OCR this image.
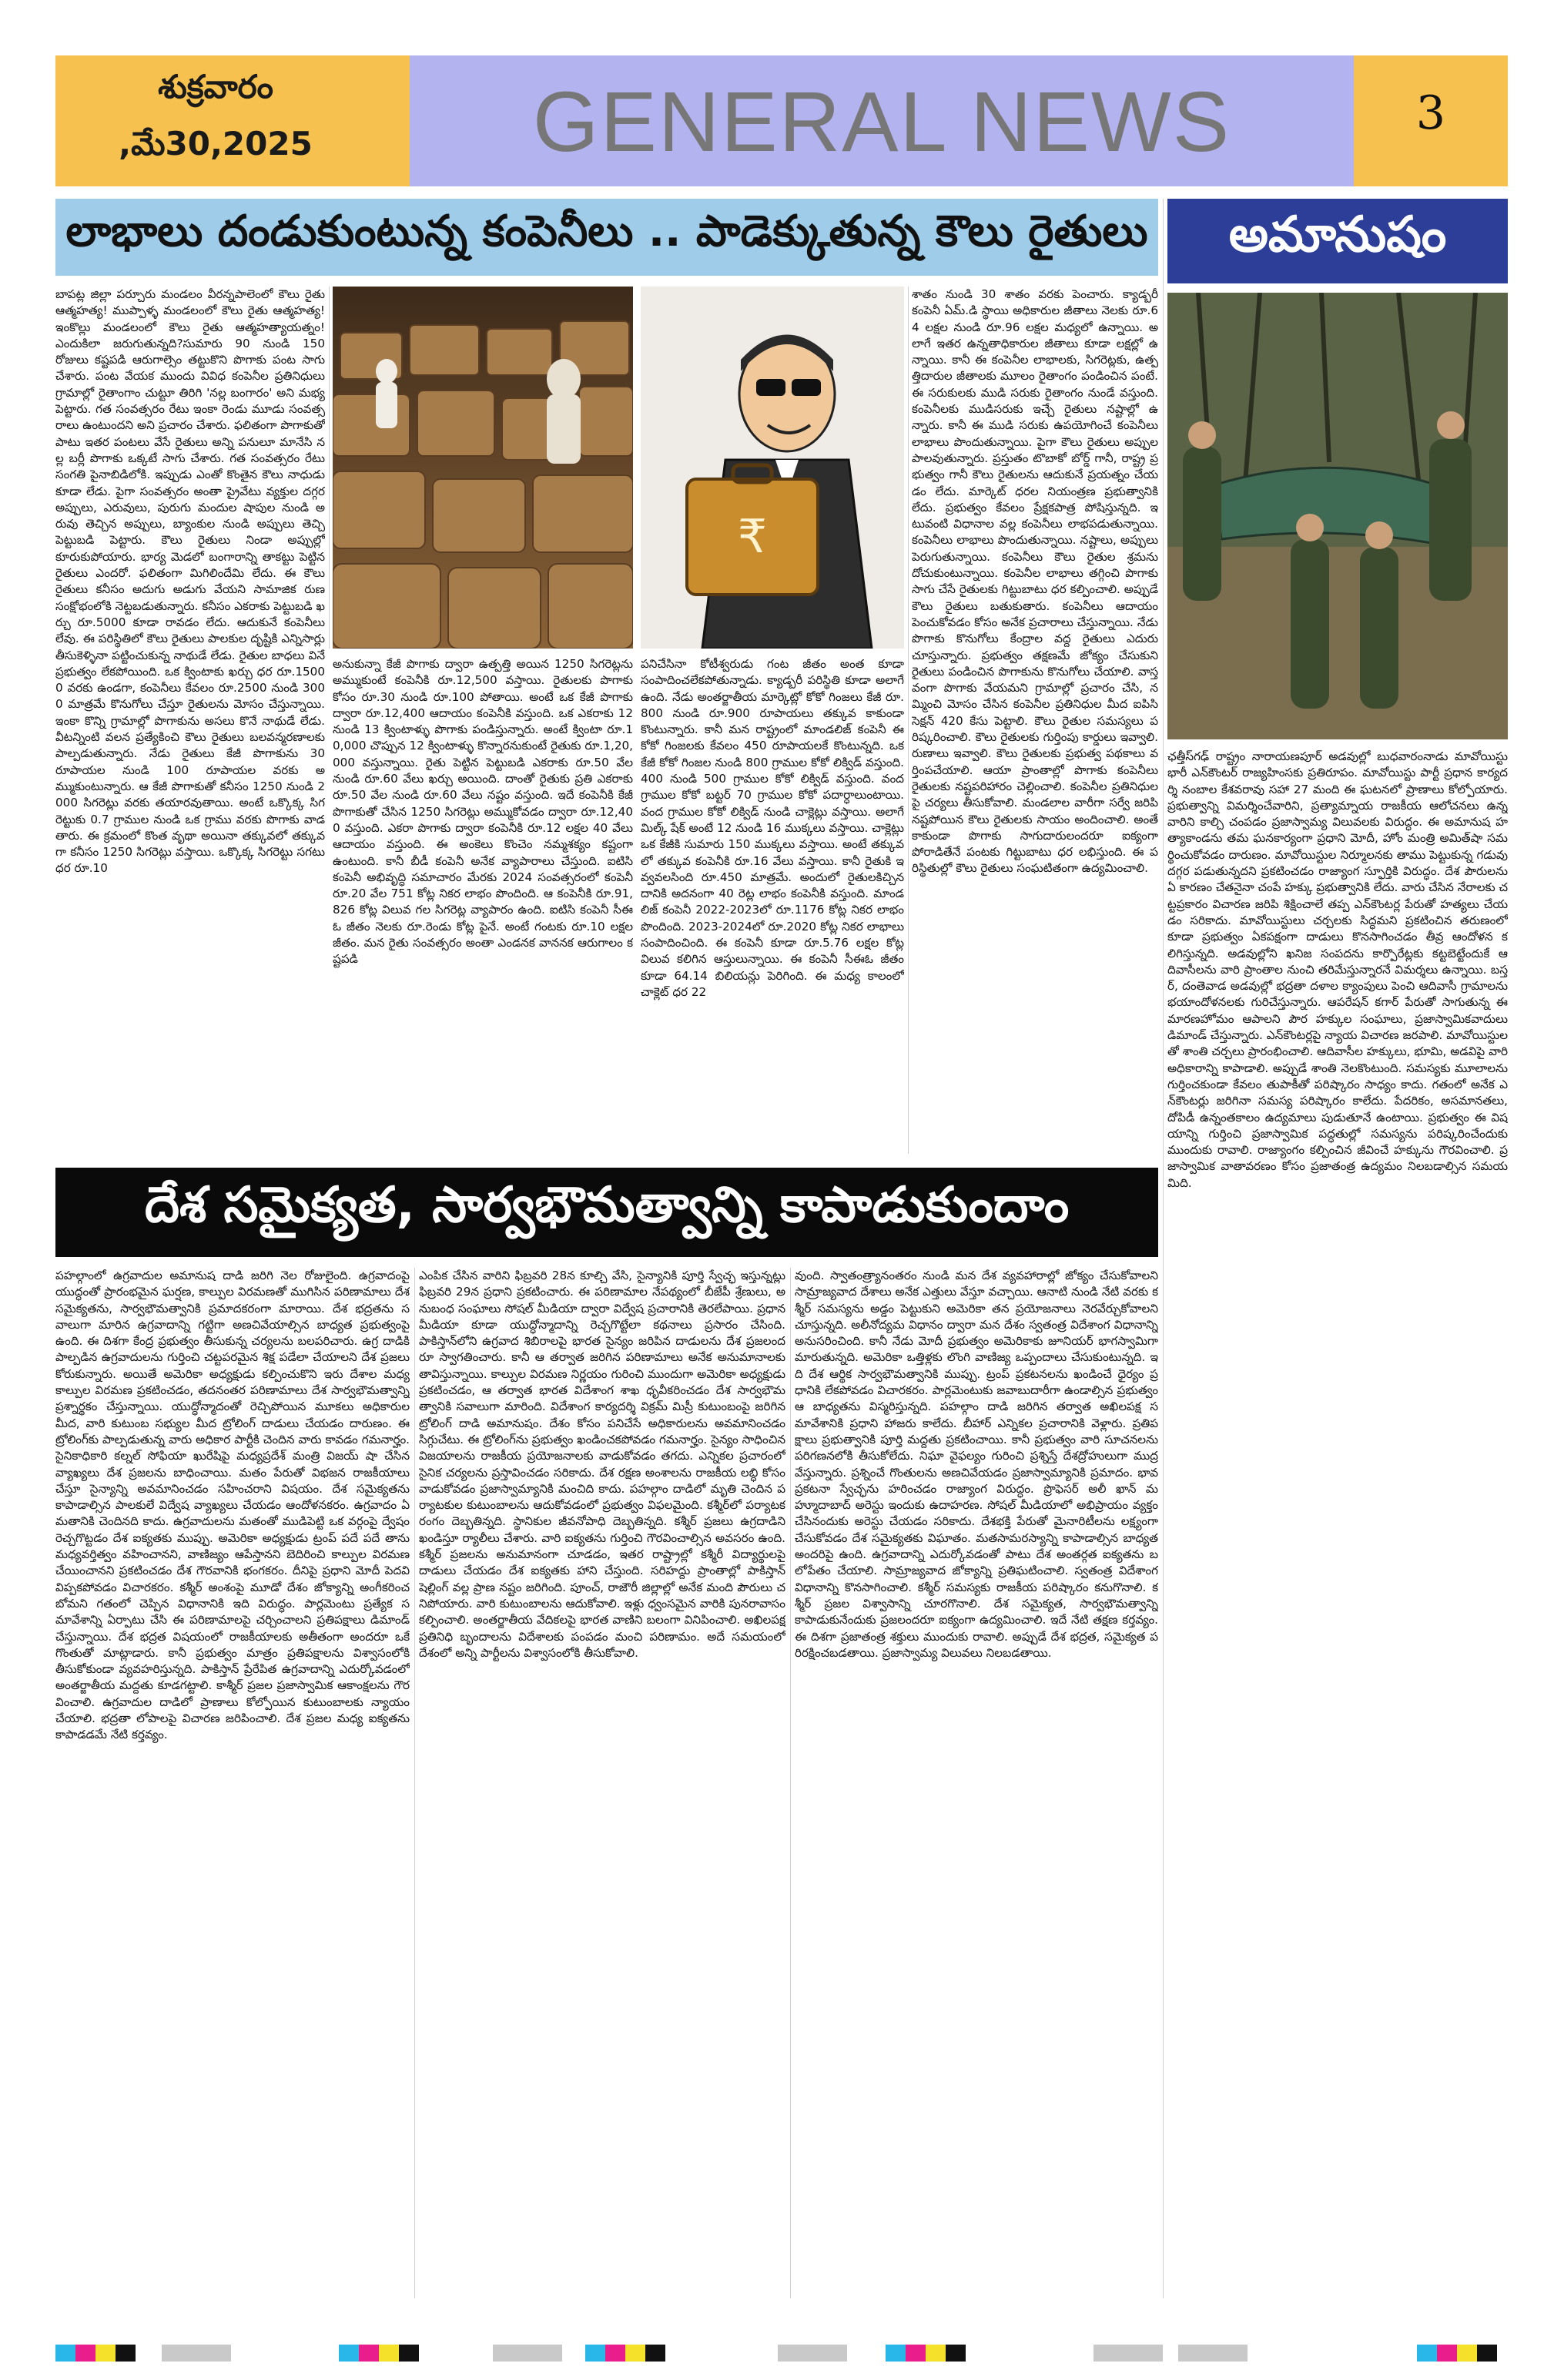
శుక్రవారం
,మే30,2025	GENERAL NEWS	3
లాభాలు దండుకుంటున్న కంపెనీలు .. పాడెక్కుతున్న కౌలు రైతులు	అమానుషం
బాపట్ల జిల్లా పర్చూరు మండలం వీరన్నపాలెంలో కౌలు రైతు ఆత్మహత్య! ముప్పాళ్ళ మండలంలో కౌలు రైతు ఆత్మహత్య! ఇంకొల్లు మండలంలో కౌలు రైతు ఆత్మహత్యాయత్నం! ఎందుకిలా జరుగుతున్నది?సుమారు 90 నుండి 150 రోజులు కష్టపడి ఆరుగాల్సెం తట్టుకొని పొగాకు పంట సాగు చేశారు. పంట వేయక ముందు వివిధ కంపెనీల ప్రతినిధులు గ్రామాల్లో రైతాంగాం చుట్టూ తిరిగి 'నల్ల బంగారం' అని మభ్యపెట్టారు. గత సంవత్సరం రేటు ఇంకా రెండు మూడు సంవత్సరాలు ఉంటుందని అని ప్రచారం చేశారు. ఫలితంగా పొగాకుతో పాటు ఇతర పంటలు వేసే రైతులు అన్ని పనులూ మానేసి నల్ల బర్లీ పొగాకు ఒక్కటే సాగు చేశారు. గత సంవత్సరం రేటు సంగతి పైనాబిడిలోకి. ఇప్పుడు ఎంతో కొంతైన కౌలు నాధుడు కూడా లేడు. పైగా సంవత్సరం అంతా ప్రైవేటు వ్యక్తుల దగ్గర అప్పులు, ఎరువులు, పురుగు మందుల షాపుల నుండి అరువు తెచ్చిన అప్పులు, బ్యాంకుల నుండి అప్పులు తెచ్చి పెట్టుబడి పెట్టారు. కౌలు రైతులు నిండా అప్పుల్లో కూరుకుపోయారు. భార్య మెడలో బంగారాన్ని తాకట్టు పెట్టిన రైతులు ఎందరో. ఫలితంగా మిగిలిందేమి లేదు. ఈ కౌలు రైతులు కనీసం అదుగు అడుగు వేయని సామాజిక రుణ సంక్షోభంలోకి నెట్టబడుతున్నారు. కనీసం ఎకరాకు పెట్టుబడి ఖర్చు రూ.5000 కూడా రావడం లేదు. ఆదుకునే కంపెనీలు లేవు. ఈ పరిస్థితిలో కౌలు రైతులు పాలకుల దృష్టికి ఎన్నిసార్లు తీసుకెళ్ళినా పట్టించుకున్న నాథుడే లేడు. రైతుల బాధలు వినే ప్రభుత్వం లేకపోయింది. ఒక క్వింటాకు ఖర్చు ధర రూ.15000 వరకు ఉండగా, కంపెనీలు కేవలం రూ.2500 నుండి 3000 మాత్రమే కొనుగోలు చేస్తూ రైతులను మోసం చేస్తున్నాయి. ఇంకా కొన్ని గ్రామాల్లో పొగాకును అసలు కొనే నాథుడే లేడు. వీటన్నింటి వలన ప్రత్యేకించి కౌలు రైతులు బలవన్మరణాలకు పాల్పడుతున్నారు. నేడు రైతులు కేజీ పొగాకును 30 రూపాయల నుండి 100 రూపాయల వరకు అమ్ముకుంటున్నారు. ఆ కేజీ పొగాకుతో కనీసం 1250 నుండి 2000 సిగరెట్లు వరకు తయారవుతాయి. అంటే ఒక్కొక్క సిగరెట్టుకు 0.7 గ్రాముల నుండి ఒక గ్రాము వరకు పొగాకు వాడతారు. ఈ క్రమంలో కొంత వృథా అయినా తక్కువలో తక్కువగా కనీసం 1250 సిగరెట్లు వస్తాయి. ఒక్కొక్క సిగరెట్టు సగటు ధర రూ.10
₹
అనుకున్నా కేజీ పొగాకు ద్వారా ఉత్పత్తి అయిన 1250 సిగరెట్లను అమ్ముకుంటే కంపెనీకి రూ.12,500 వస్తాయి. రైతులకు పొగాకు కోసం రూ.30 నుండి రూ.100 పోతాయి. అంటే ఒక కేజీ పొగాకు ద్వారా రూ.12,400 ఆదాయం కంపెనీకి వస్తుంది. ఒక ఎకరాకు 12 నుండి 13 క్వింటాళ్ళు పొగాకు పండిస్తున్నారు. అంటే క్వింటా రూ.10,000 చొప్పున 12 క్వింటాళ్ళు కొన్నారనుకుంటే రైతుకు రూ.1,20,000 వస్తున్నాయి. రైతు పెట్టిన పెట్టుబడి ఎకరాకు రూ.50 వేల నుండి రూ.60 వేలు ఖర్చు అయింది. దాంతో రైతుకు ప్రతి ఎకరాకు రూ.50 వేల నుండి రూ.60 వేలు నష్టం వస్తుంది. ఇదే కంపెనీకి కేజీ పొగాకుతో చేసిన 1250 సిగరెట్లు అమ్ముకోవడం ద్వారా రూ.12,400 వస్తుంది. ఎకరా పొగాకు ద్వారా కంపెనీకి రూ.12 లక్షల 40 వేలు ఆదాయం వస్తుంది. ఈ అంకెలు కొంచెం నమ్మశక్యం కష్టంగా ఉంటుంది. కానీ బీడీ కంపెనీ అనేక వ్యాపారాలు చేస్తుంది. ఐటిసి కంపెనీ అభివృద్ధి సమాచారం మేరకు 2024 సంవత్సరంలో కంపెనీ రూ.20 వేల 751 కోట్ల నికర లాభం పొందింది. ఆ కంపెనీకి రూ.91,826 కోట్ల విలువ గల సిగరెట్ల వ్యాపారం ఉంది. ఐటిసి కంపెనీ సీఈఓ జీతం నెలకు రూ.రెండు కోట్ల పైనే. అంటే గంటకు రూ.10 లక్షల జీతం. మన రైతు సంవత్సరం అంతా ఎండనక వాననక ఆరుగాలం కష్టపడి
పనిచేసినా కోటీశ్వరుడు గంట జీతం అంత కూడా సంపాదించలేకపోతున్నాడు. క్యాడ్బరీ పరిస్థితి కూడా అలాగే ఉంది. నేడు అంతర్జాతీయ మార్కెట్లో కోకో గింజలు కేజీ రూ.800 నుండి రూ.900 రూపాయలు తక్కువ కాకుండా కొంటున్నారు. కానీ మన రాష్ట్రంలో మాండలిజ్ కంపెనీ ఈ కోకో గింజలకు కేవలం 450 రూపాయలకే కొంటున్నది. ఒక కేజీ కోకో గింజల నుండి 800 గ్రాముల కోకో లిక్విడ్ వస్తుంది. 400 నుండి 500 గ్రాముల కోకో లిక్విడ్ వస్తుంది. వంద గ్రాముల కోకో బట్టర్ 70 గ్రాముల కోకో పదార్ధాలుంటాయి. వంద గ్రాముల కోకో లిక్విడ్ నుండి చాక్లెట్లు వస్తాయి. అలాగే మిల్క్ షేక్ అంటే 12 నుండి 16 ముక్కలు వస్తాయి. చాక్లెట్లు ఒక కేజీకి సుమారు 150 ముక్కలు వస్తాయి. అంటే తక్కువలో తక్కువ కంపెనీకి రూ.16 వేలు వస్తాయి. కానీ రైతుకి ఇవ్వవలసింది రూ.450 మాత్రమే. అందులో రైతులకిచ్చిన దానికి అదనంగా 40 రెట్ల లాభం కంపెనీకి వస్తుంది. మాండలిజ్ కంపెనీ 2022-2023లో రూ.1176 కోట్ల నికర లాభం పొందింది. 2023-2024లో రూ.2020 కోట్ల నికర లాభాలు సంపాదించింది. ఈ కంపెనీ కూడా రూ.5.76 లక్షల కోట్ల విలువ కలిగిన ఆస్తులున్నాయి. ఈ కంపెనీ సీఈఓ జీతం కూడా 64.14 బిలియన్లు పెరిగింది. ఈ మధ్య కాలంలో చాక్లెట్ ధర 22
శాతం నుండి 30 శాతం వరకు పెంచారు. క్యాడ్బరీ కంపెనీ ఏమ్.డి స్థాయి అధికారుల జీతాలు నెలకు రూ.64 లక్షల నుండి రూ.96 లక్షల మధ్యలో ఉన్నాయి. అలాగే ఇతర ఉన్నతాధికారుల జీతాలు కూడా లక్షల్లో ఉన్నాయి. కానీ ఈ కంపెనీల లాభాలకు, సిగరెట్లకు, ఉత్పత్తిదారుల జీతాలకు మూలం రైతాంగం పండించిన పంటే. ఈ సరుకులకు ముడి సరుకు రైతాంగం నుండే వస్తుంది. కంపెనీలకు ముడిసరుకు ఇచ్చే రైతులు నష్టాల్లో ఉన్నారు. కానీ ఈ ముడి సరుకు ఉపయోగించే కంపెనీలు లాభాలు పొందుతున్నాయి. పైగా కౌలు రైతులు అప్పుల పాలవుతున్నారు. ప్రస్తుతం టొబాకో బోర్డ్ గానీ, రాష్ట్ర ప్రభుత్వం గానీ కౌలు రైతులను ఆదుకునే ప్రయత్నం చేయడం లేదు. మార్కెట్ ధరల నియంత్రణ ప్రభుత్వానికి లేదు. ప్రభుత్వం కేవలం ప్రేక్షకపాత్ర పోషిస్తున్నది. ఇటువంటి విధానాల వల్ల కంపెనీలు లాభపడుతున్నాయి. కంపెనీలు లాభాలు పొందుతున్నాయి. నష్టాలు, అప్పులు పెరుగుతున్నాయి. కంపెనీలు కౌలు రైతుల శ్రమను దోచుకుంటున్నాయి. కంపెనీల లాభాలు తగ్గించి పొగాకు సాగు చేసే రైతులకు గిట్టుబాటు ధర కల్పించాలి. అప్పుడే కౌలు రైతులు బతుకుతారు. కంపెనీలు ఆదాయం పెంచుకోవడం కోసం అనేక ప్రచారాలు చేస్తున్నాయి. నేడు పొగాకు కొనుగోలు కేంద్రాల వద్ద రైతులు ఎదురు చూస్తున్నారు. ప్రభుత్వం తక్షణమే జోక్యం చేసుకుని రైతులు పండించిన పొగాకును కొనుగోలు చేయాలి. వాస్తవంగా పొగాకు వేయమని గ్రామాల్లో ప్రచారం చేసి, నమ్మించి మోసం చేసిన కంపెనీల ప్రతినిధుల మీద ఐపిసి సెక్షన్ 420 కేసు పెట్టాలి. కౌలు రైతుల సమస్యలు పరిష్కరించాలి. కౌలు రైతులకు గుర్తింపు కార్డులు ఇవ్వాలి. రుణాలు ఇవ్వాలి. కౌలు రైతులకు ప్రభుత్వ పథకాలు వర్తింపచేయాలి. ఆయా ప్రాంతాల్లో పొగాకు కంపెనీలు రైతులకు నష్టపరిహారం చెల్లించాలి. కంపెనీల ప్రతినిధులపై చర్యలు తీసుకోవాలి. మండలాల వారీగా సర్వే జరిపి నష్టపోయిన కౌలు రైతులకు సాయం అందించాలి. అంతే కాకుండా పొగాకు సాగుదారులందరూ ఐక్యంగా పోరాడితేనే పంటకు గిట్టుబాటు ధర లభిస్తుంది. ఈ పరిస్థితుల్లో కౌలు రైతులు సంఘటితంగా ఉద్యమించాలి.
ఛత్తీస్‌గఢ్ రాష్ట్రం నారాయణపూర్ అడవుల్లో బుధవారంనాడు మావోయిస్టు భారీ ఎన్‌కౌంటర్ రాజ్యహింసకు ప్రతిరూపం. మావోయిస్టు పార్టీ ప్రధాన కార్యదర్శి నంబాల కేశవరావు సహా 27 మంది ఈ ఘటనలో ప్రాణాలు కోల్పోయారు. ప్రభుత్వాన్ని విమర్శించేవారిని, ప్రత్యామ్నాయ రాజకీయ ఆలోచనలు ఉన్నవారిని కాల్చి చంపడం ప్రజాస్వామ్య విలువలకు విరుద్ధం. ఈ అమానుష హత్యాకాండను తమ ఘనకార్యంగా ప్రధాని మోదీ, హోం మంత్రి అమిత్‌షా సమర్థించుకోవడం దారుణం. మావోయిస్టుల నిర్మూలనకు తాము పెట్టుకున్న గడువు దగ్గర పడుతున్నదని ప్రకటించడం రాజ్యాంగ స్ఫూర్తికి విరుద్ధం. దేశ పౌరులను ఏ కారణం చేతనైనా చంపే హక్కు ప్రభుత్వానికి లేదు. వారు చేసిన నేరాలకు చట్టప్రకారం విచారణ జరిపి శిక్షించాలే తప్ప ఎన్‌కౌంటర్ల పేరుతో హత్యలు చేయడం సరికాదు. మావోయిస్టులు చర్చలకు సిద్ధమని ప్రకటించిన తరుణంలో కూడా ప్రభుత్వం ఏకపక్షంగా దాడులు కొనసాగించడం తీవ్ర ఆందోళన కలిగిస్తున్నది. అడవుల్లోని ఖనిజ సంపదను కార్పొరేట్లకు కట్టబెట్టేందుకే ఆదివాసీలను వారి ప్రాంతాల నుంచి తరిమేస్తున్నారనే విమర్శలు ఉన్నాయి. బస్తర్, దంతెవాడ అడవుల్లో భద్రతా దళాల క్యాంపులు పెంచి ఆదివాసీ గ్రామాలను భయాందోళనలకు గురిచేస్తున్నారు. ఆపరేషన్ కగార్ పేరుతో సాగుతున్న ఈ మారణహోమం ఆపాలని పౌర హక్కుల సంఘాలు, ప్రజాస్వామికవాదులు డిమాండ్ చేస్తున్నారు. ఎన్‌కౌంటర్లపై న్యాయ విచారణ జరపాలి. మావోయిస్టులతో శాంతి చర్చలు ప్రారంభించాలి. ఆదివాసీల హక్కులు, భూమి, అడవిపై వారి అధికారాన్ని కాపాడాలి. అప్పుడే శాంతి నెలకొంటుంది. సమస్యకు మూలాలను గుర్తించకుండా కేవలం తుపాకీతో పరిష్కారం సాధ్యం కాదు. గతంలో అనేక ఎన్‌కౌంటర్లు జరిగినా సమస్య పరిష్కారం కాలేదు. పేదరికం, అసమానతలు, దోపిడీ ఉన్నంతకాలం ఉద్యమాలు పుడుతూనే ఉంటాయి. ప్రభుత్వం ఈ విషయాన్ని గుర్తించి ప్రజాస్వామిక పద్ధతుల్లో సమస్యను పరిష్కరించేందుకు ముందుకు రావాలి. రాజ్యాంగం కల్పించిన జీవించే హక్కును గౌరవించాలి. ప్రజాస్వామిక వాతావరణం కోసం ప్రజాతంత్ర ఉద్యమం నిలబడాల్సిన సమయమిది.
దేశ సమైక్యత, సార్వభౌమత్వాన్ని కాపాడుకుందాం
పహల్గాంలో ఉగ్రవాదుల అమానుష దాడి జరిగి నెల రోజులైంది. ఉగ్రవాదంపై యుద్ధంతో ప్రారంభమైన ఘర్షణ, కాల్పుల విరమణతో ముగిసిన పరిణామాలు దేశ సమైక్యతను, సార్వభౌమత్వానికి ప్రమాదకరంగా మారాయి. దేశ భద్రతను సవాలుగా మారిన ఉగ్రవాదాన్ని గట్టిగా అణచివేయాల్సిన బాధ్యత ప్రభుత్వంపై ఉంది. ఈ దిశగా కేంద్ర ప్రభుత్వం తీసుకున్న చర్యలను బలపరిచారు. ఉగ్ర దాడికి పాల్పడిన ఉగ్రవాదులను గుర్తించి చట్టపరమైన శిక్ష పడేలా చేయాలని దేశ ప్రజలు కోరుకున్నారు. అయితే అమెరికా అధ్యక్షుడు కల్పించుకొని ఇరు దేశాల మధ్య కాల్పుల విరమణ ప్రకటించడం, తదనంతర పరిణామాలు దేశ సార్వభౌమత్వాన్ని ప్రశ్నార్థకం చేస్తున్నాయి. యుద్ధోన్మాదంతో రెచ్చిపోయిన మూకలు అధికారుల మీద, వారి కుటుంబ సభ్యుల మీద ట్రోలింగ్ దాడులు చేయడం దారుణం. ఈ ట్రోలింగ్‌కు పాల్పడుతున్న వారు అధికార పార్టీకి చెందిన వారు కావడం గమనార్హం. సైనికాధికారి కల్నల్ సోఫియా ఖురేషిపై మధ్యప్రదేశ్ మంత్రి విజయ్ షా చేసిన వ్యాఖ్యలు దేశ ప్రజలను బాధించాయి. మతం పేరుతో విభజన రాజకీయాలు చేస్తూ సైన్యాన్ని అవమానించడం సహించరాని విషయం. దేశ సమైక్యతను కాపాడాల్సిన పాలకులే విద్వేష వ్యాఖ్యలు చేయడం ఆందోళనకరం. ఉగ్రవాదం ఏ మతానికి చెందినది కాదు. ఉగ్రవాదులను మతంతో ముడిపెట్టి ఒక వర్గంపై ద్వేషం రెచ్చగొట్టడం దేశ ఐక్యతకు ముప్పు. అమెరికా అధ్యక్షుడు ట్రంప్ పదే పదే తాను మధ్యవర్తిత్వం వహించానని, వాణిజ్యం ఆపేస్తానని బెదిరించి కాల్పుల విరమణ చేయించానని ప్రకటించడం దేశ గౌరవానికి భంగకరం. దీనిపై ప్రధాని మోదీ పెదవి విప్పకపోవడం విచారకరం. కశ్మీర్ అంశంపై మూడో దేశం జోక్యాన్ని అంగీకరించబోమని గతంలో చెప్పిన విధానానికి ఇది విరుద్ధం. పార్లమెంటు ప్రత్యేక సమావేశాన్ని ఏర్పాటు చేసి ఈ పరిణామాలపై చర్చించాలని ప్రతిపక్షాలు డిమాండ్ చేస్తున్నాయి. దేశ భద్రత విషయంలో రాజకీయాలకు అతీతంగా అందరూ ఒకే గొంతుతో మాట్లాడారు. కానీ ప్రభుత్వం మాత్రం ప్రతిపక్షాలను విశ్వాసంలోకి తీసుకోకుండా వ్యవహరిస్తున్నది. పాకిస్తాన్ ప్రేరేపిత ఉగ్రవాదాన్ని ఎదుర్కోవడంలో అంతర్జాతీయ మద్దతు కూడగట్టాలి. కాశ్మీర్ ప్రజల ప్రజాస్వామిక ఆకాంక్షలను గౌరవించాలి. ఉగ్రవాదుల దాడిలో ప్రాణాలు కోల్పోయిన కుటుంబాలకు న్యాయం చేయాలి. భద్రతా లోపాలపై విచారణ జరిపించాలి. దేశ ప్రజల మధ్య ఐక్యతను కాపాడడమే నేటి కర్తవ్యం.
ఎంపిక చేసిన వారిని ఫిబ్రవరి 28న కూల్చి వేసి, సైన్యానికి పూర్తి స్వేచ్ఛ ఇస్తున్నట్లు ఫిబ్రవరి 29న ప్రధాని ప్రకటించారు. ఈ పరిణామాల నేపథ్యంలో బీజేపీ శ్రేణులు, అనుబంధ సంఘాలు సోషల్ మీడియా ద్వారా విద్వేష ప్రచారానికి తెరలేపాయి. ప్రధాన మీడియా కూడా యుద్ధోన్మాదాన్ని రెచ్చగొట్టేలా కథనాలు ప్రసారం చేసింది. పాకిస్తాన్‌లోని ఉగ్రవాద శిబిరాలపై భారత సైన్యం జరిపిన దాడులను దేశ ప్రజలందరూ స్వాగతించారు. కానీ ఆ తర్వాత జరిగిన పరిణామాలు అనేక అనుమానాలకు తావిస్తున్నాయి. కాల్పుల విరమణ నిర్ణయం గురించి ముందుగా అమెరికా అధ్యక్షుడు ప్రకటించడం, ఆ తర్వాత భారత విదేశాంగ శాఖ ధృవీకరించడం దేశ సార్వభౌమత్వానికి సవాలుగా మారింది. విదేశాంగ కార్యదర్శి విక్రమ్ మిస్రీ కుటుంబంపై జరిగిన ట్రోలింగ్ దాడి అమానుషం. దేశం కోసం పనిచేసే అధికారులను అవమానించడం సిగ్గుచేటు. ఈ ట్రోలింగ్‌ను ప్రభుత్వం ఖండించకపోవడం గమనార్హం. సైన్యం సాధించిన విజయాలను రాజకీయ ప్రయోజనాలకు వాడుకోవడం తగదు. ఎన్నికల ప్రచారంలో సైనిక చర్యలను ప్రస్తావించడం సరికాదు. దేశ రక్షణ అంశాలను రాజకీయ లబ్ధి కోసం వాడుకోవడం ప్రజాస్వామ్యానికి మంచిది కాదు. పహల్గాం దాడిలో మృతి చెందిన పర్యాటకుల కుటుంబాలను ఆదుకోవడంలో ప్రభుత్వం విఫలమైంది. కశ్మీర్‌లో పర్యాటక రంగం దెబ్బతిన్నది. స్థానికుల జీవనోపాధి దెబ్బతిన్నది. కశ్మీర్ ప్రజలు ఉగ్రదాడిని ఖండిస్తూ ర్యాలీలు చేశారు. వారి ఐక్యతను గుర్తించి గౌరవించాల్సిన అవసరం ఉంది. కశ్మీర్ ప్రజలను అనుమానంగా చూడడం, ఇతర రాష్ట్రాల్లో కశ్మీరీ విద్యార్థులపై దాడులు చేయడం దేశ ఐక్యతకు హాని చేస్తుంది. సరిహద్దు ప్రాంతాల్లో పాకిస్తాన్ షెల్లింగ్ వల్ల ప్రాణ నష్టం జరిగింది. పూంచ్, రాజౌరీ జిల్లాల్లో అనేక మంది పౌరులు చనిపోయారు. వారి కుటుంబాలను ఆదుకోవాలి. ఇళ్లు ధ్వంసమైన వారికి పునరావాసం కల్పించాలి. అంతర్జాతీయ వేదికలపై భారత వాణిని బలంగా వినిపించాలి. అఖిలపక్ష ప్రతినిధి బృందాలను విదేశాలకు పంపడం మంచి పరిణామం. అదే సమయంలో దేశంలో అన్ని పార్టీలను విశ్వాసంలోకి తీసుకోవాలి.
వుంది. స్వాతంత్ర్యానంతరం నుండి మన దేశ వ్యవహారాల్లో జోక్యం చేసుకోవాలని సామ్రాజ్యవాద దేశాలు అనేక ఎత్తులు వేస్తూ వచ్చాయి. ఆనాటి నుండి నేటి వరకు కశ్మీర్ సమస్యను అడ్డం పెట్టుకుని అమెరికా తన ప్రయోజనాలు నెరవేర్చుకోవాలని చూస్తున్నది. అలీనోద్యమ విధానం ద్వారా మన దేశం స్వతంత్ర విదేశాంగ విధానాన్ని అనుసరించింది. కానీ నేడు మోదీ ప్రభుత్వం అమెరికాకు జూనియర్ భాగస్వామిగా మారుతున్నది. అమెరికా ఒత్తిళ్లకు లొంగి వాణిజ్య ఒప్పందాలు చేసుకుంటున్నది. ఇది దేశ ఆర్థిక సార్వభౌమత్వానికి ముప్పు. ట్రంప్ ప్రకటనలను ఖండించే ధైర్యం ప్రధానికి లేకపోవడం విచారకరం. పార్లమెంటుకు జవాబుదారీగా ఉండాల్సిన ప్రభుత్వం ఆ బాధ్యతను విస్మరిస్తున్నది. పహల్గాం దాడి జరిగిన తర్వాత అఖిలపక్ష సమావేశానికి ప్రధాని హాజరు కాలేదు. బీహార్ ఎన్నికల ప్రచారానికి వెళ్లారు. ప్రతిపక్షాలు ప్రభుత్వానికి పూర్తి మద్దతు ప్రకటించాయి. కానీ ప్రభుత్వం వారి సూచనలను పరిగణనలోకి తీసుకోలేదు. నిఘా వైఫల్యం గురించి ప్రశ్నిస్తే దేశద్రోహులుగా ముద్ర వేస్తున్నారు. ప్రశ్నించే గొంతులను అణచివేయడం ప్రజాస్వామ్యానికి ప్రమాదం. భావప్రకటనా స్వేచ్ఛను హరించడం రాజ్యాంగ విరుద్ధం. ప్రొఫెసర్ అలీ ఖాన్ మహ్మూదాబాద్ అరెస్టు ఇందుకు ఉదాహరణ. సోషల్ మీడియాలో అభిప్రాయం వ్యక్తం చేసినందుకు అరెస్టు చేయడం సరికాదు. దేశభక్తి పేరుతో మైనారిటీలను లక్ష్యంగా చేసుకోవడం దేశ సమైక్యతకు విఘాతం. మతసామరస్యాన్ని కాపాడాల్సిన బాధ్యత అందరిపై ఉంది. ఉగ్రవాదాన్ని ఎదుర్కోవడంతో పాటు దేశ అంతర్గత ఐక్యతను బలోపేతం చేయాలి. సామ్రాజ్యవాద జోక్యాన్ని ప్రతిఘటించాలి. స్వతంత్ర విదేశాంగ విధానాన్ని కొనసాగించాలి. కశ్మీర్ సమస్యకు రాజకీయ పరిష్కారం కనుగొనాలి. కశ్మీర్ ప్రజల విశ్వాసాన్ని చూరగొనాలి. దేశ సమైక్యత, సార్వభౌమత్వాన్ని కాపాడుకునేందుకు ప్రజలందరూ ఐక్యంగా ఉద్యమించాలి. ఇదే నేటి తక్షణ కర్తవ్యం. ఈ దిశగా ప్రజాతంత్ర శక్తులు ముందుకు రావాలి. అప్పుడే దేశ భద్రత, సమైక్యత పరిరక్షించబడతాయి. ప్రజాస్వామ్య విలువలు నిలబడతాయి.
